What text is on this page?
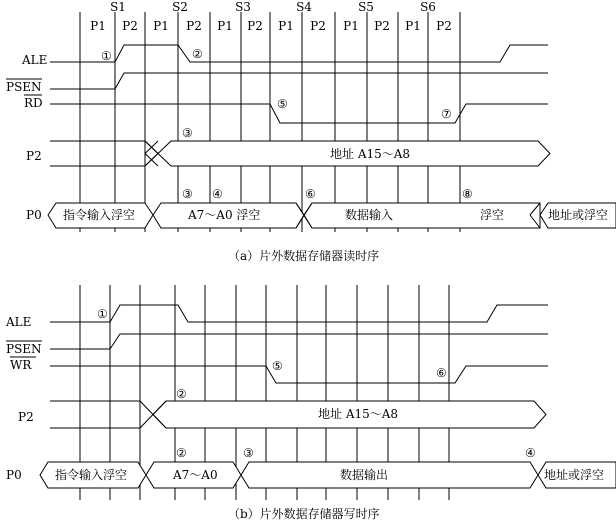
S1	S2	S3	S4	S5	S6
P1 P2 P1 P2 P1 P2 P1 P2 P1 P2 P1 P2
ALE
PSEN
RD
P2
P0
地址 A15～A8
指令输入浮空	A7～A0 浮空	数据输入	浮空	地址或浮空
①	②
③
③ ④
⑤
⑥
⑦
⑧
（a）片外数据存储器读时序
ALE
PSEN
WR
P2
P0
地址 A15～A8
指令输入浮空	A7～A0	数据输出	地址或浮空
①
②
②	③	④
⑤	⑥
（b）片外数据存储器写时序
